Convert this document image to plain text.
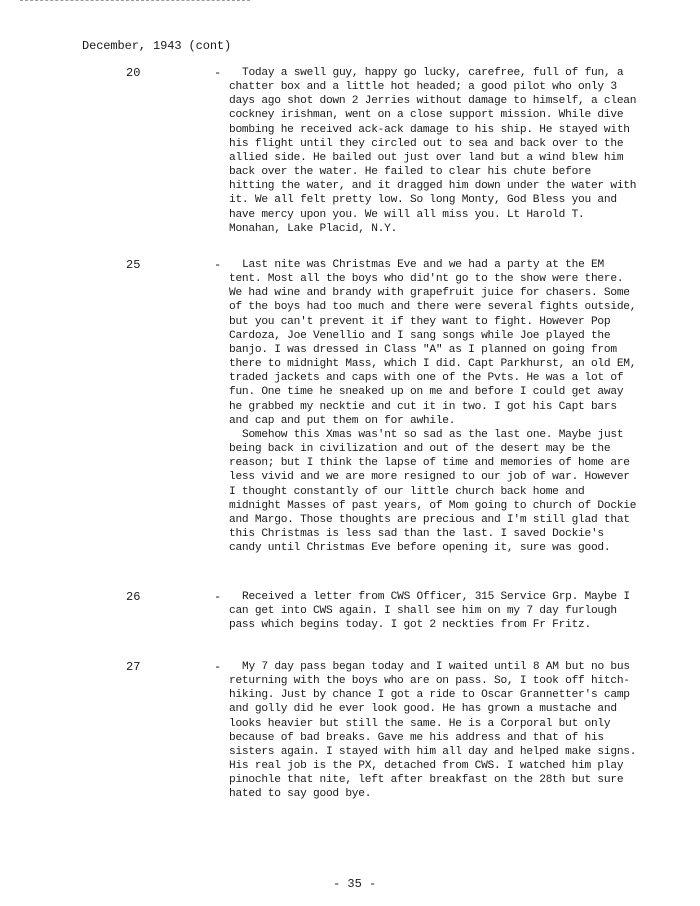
December, 1943 (cont)
20	-	Today a swell guy, happy go lucky, carefree, full of fun, a chatter box and a little hot headed; a good pilot who only 3 days ago shot down 2 Jerries without damage to himself, a clean cockney irishman, went on a close support mission. While dive bombing he received ack-ack damage to his ship. He stayed with his flight until they circled out to sea and back over to the allied side. He bailed out just over land but a wind blew him back over the water. He failed to clear his chute before hitting the water, and it dragged him down under the water with it. We all felt pretty low. So long Monty, God Bless you and have mercy upon you. We will all miss you. Lt Harold T. Monahan, Lake Placid, N.Y.

25	-	Last nite was Christmas Eve and we had a party at the EM tent. Most all the boys who did'nt go to the show were there. We had wine and brandy with grapefruit juice for chasers. Some of the boys had too much and there were several fights outside, but you can't prevent it if they want to fight. However Pop Cardoza, Joe Venellio and I sang songs while Joe played the banjo. I was dressed in Class "A" as I planned on going from there to midnight Mass, which I did. Capt Parkhurst, an old EM, traded jackets and caps with one of the Pvts. He was a lot of fun. One time he sneaked up on me and before I could get away he grabbed my necktie and cut it in two. I got his Capt bars and cap and put them on for awhile.

Somehow this Xmas was'nt so sad as the last one. Maybe just being back in civilization and out of the desert may be the reason; but I think the lapse of time and memories of home are less vivid and we are more resigned to our job of war. However I thought constantly of our little church back home and midnight Masses of past years, of Mom going to church of Dockie and Margo. Those thoughts are precious and I'm still glad that this Christmas is less sad than the last. I saved Dockie's candy until Christmas Eve before opening it, sure was good.

26	-	Received a letter from CWS Officer, 315 Service Grp. Maybe I can get into CWS again. I shall see him on my 7 day furlough pass which begins today. I got 2 neckties from Fr Fritz.

27	-	My 7 day pass began today and I waited until 8 AM but no bus returning with the boys who are on pass. So, I took off hitch-hiking. Just by chance I got a ride to Oscar Grannetter's camp and golly did he ever look good. He has grown a mustache and looks heavier but still the same. He is a Corporal but only because of bad breaks. Gave me his address and that of his sisters again. I stayed with him all day and helped make signs. His real job is the PX, detached from CWS. I watched him play pinochle that nite, left after breakfast on the 28th but sure hated to say good bye.

- 35 -
